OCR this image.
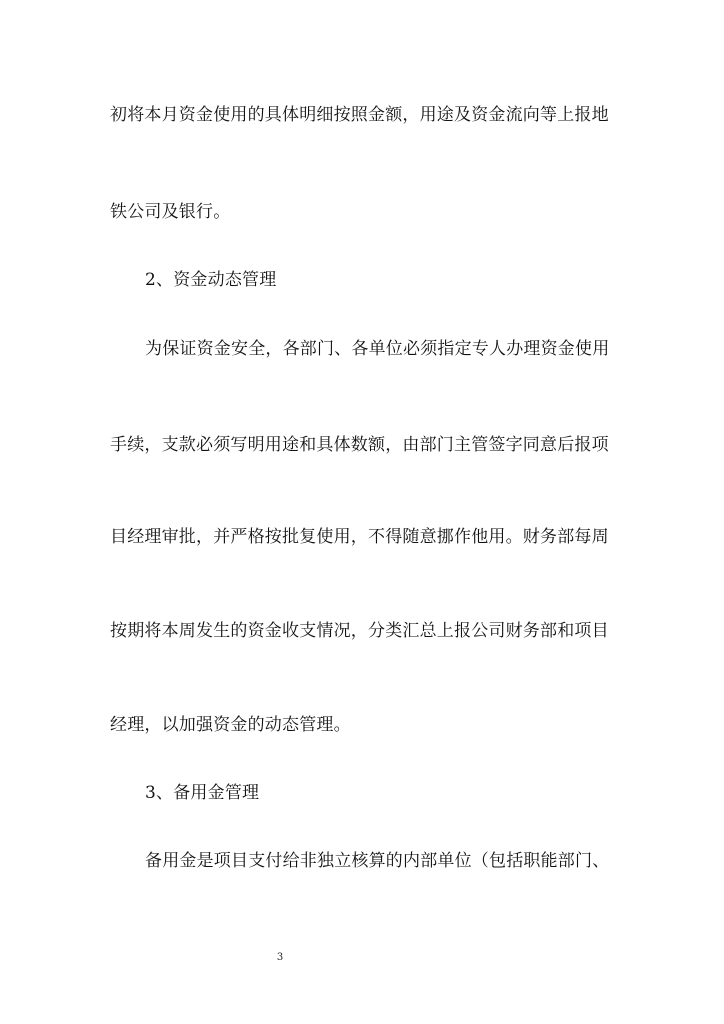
初将本月资金使用的具体明细按照金额，用途及资金流向等上报地
铁公司及银行。
2、资金动态管理
为保证资金安全，各部门、各单位必须指定专人办理资金使用
手续，支款必须写明用途和具体数额，由部门主管签字同意后报项
目经理审批，并严格按批复使用，不得随意挪作他用。财务部每周
按期将本周发生的资金收支情况，分类汇总上报公司财务部和项目
经理，以加强资金的动态管理。
3、备用金管理
备用金是项目支付给非独立核算的内部单位（包括职能部门、
3
